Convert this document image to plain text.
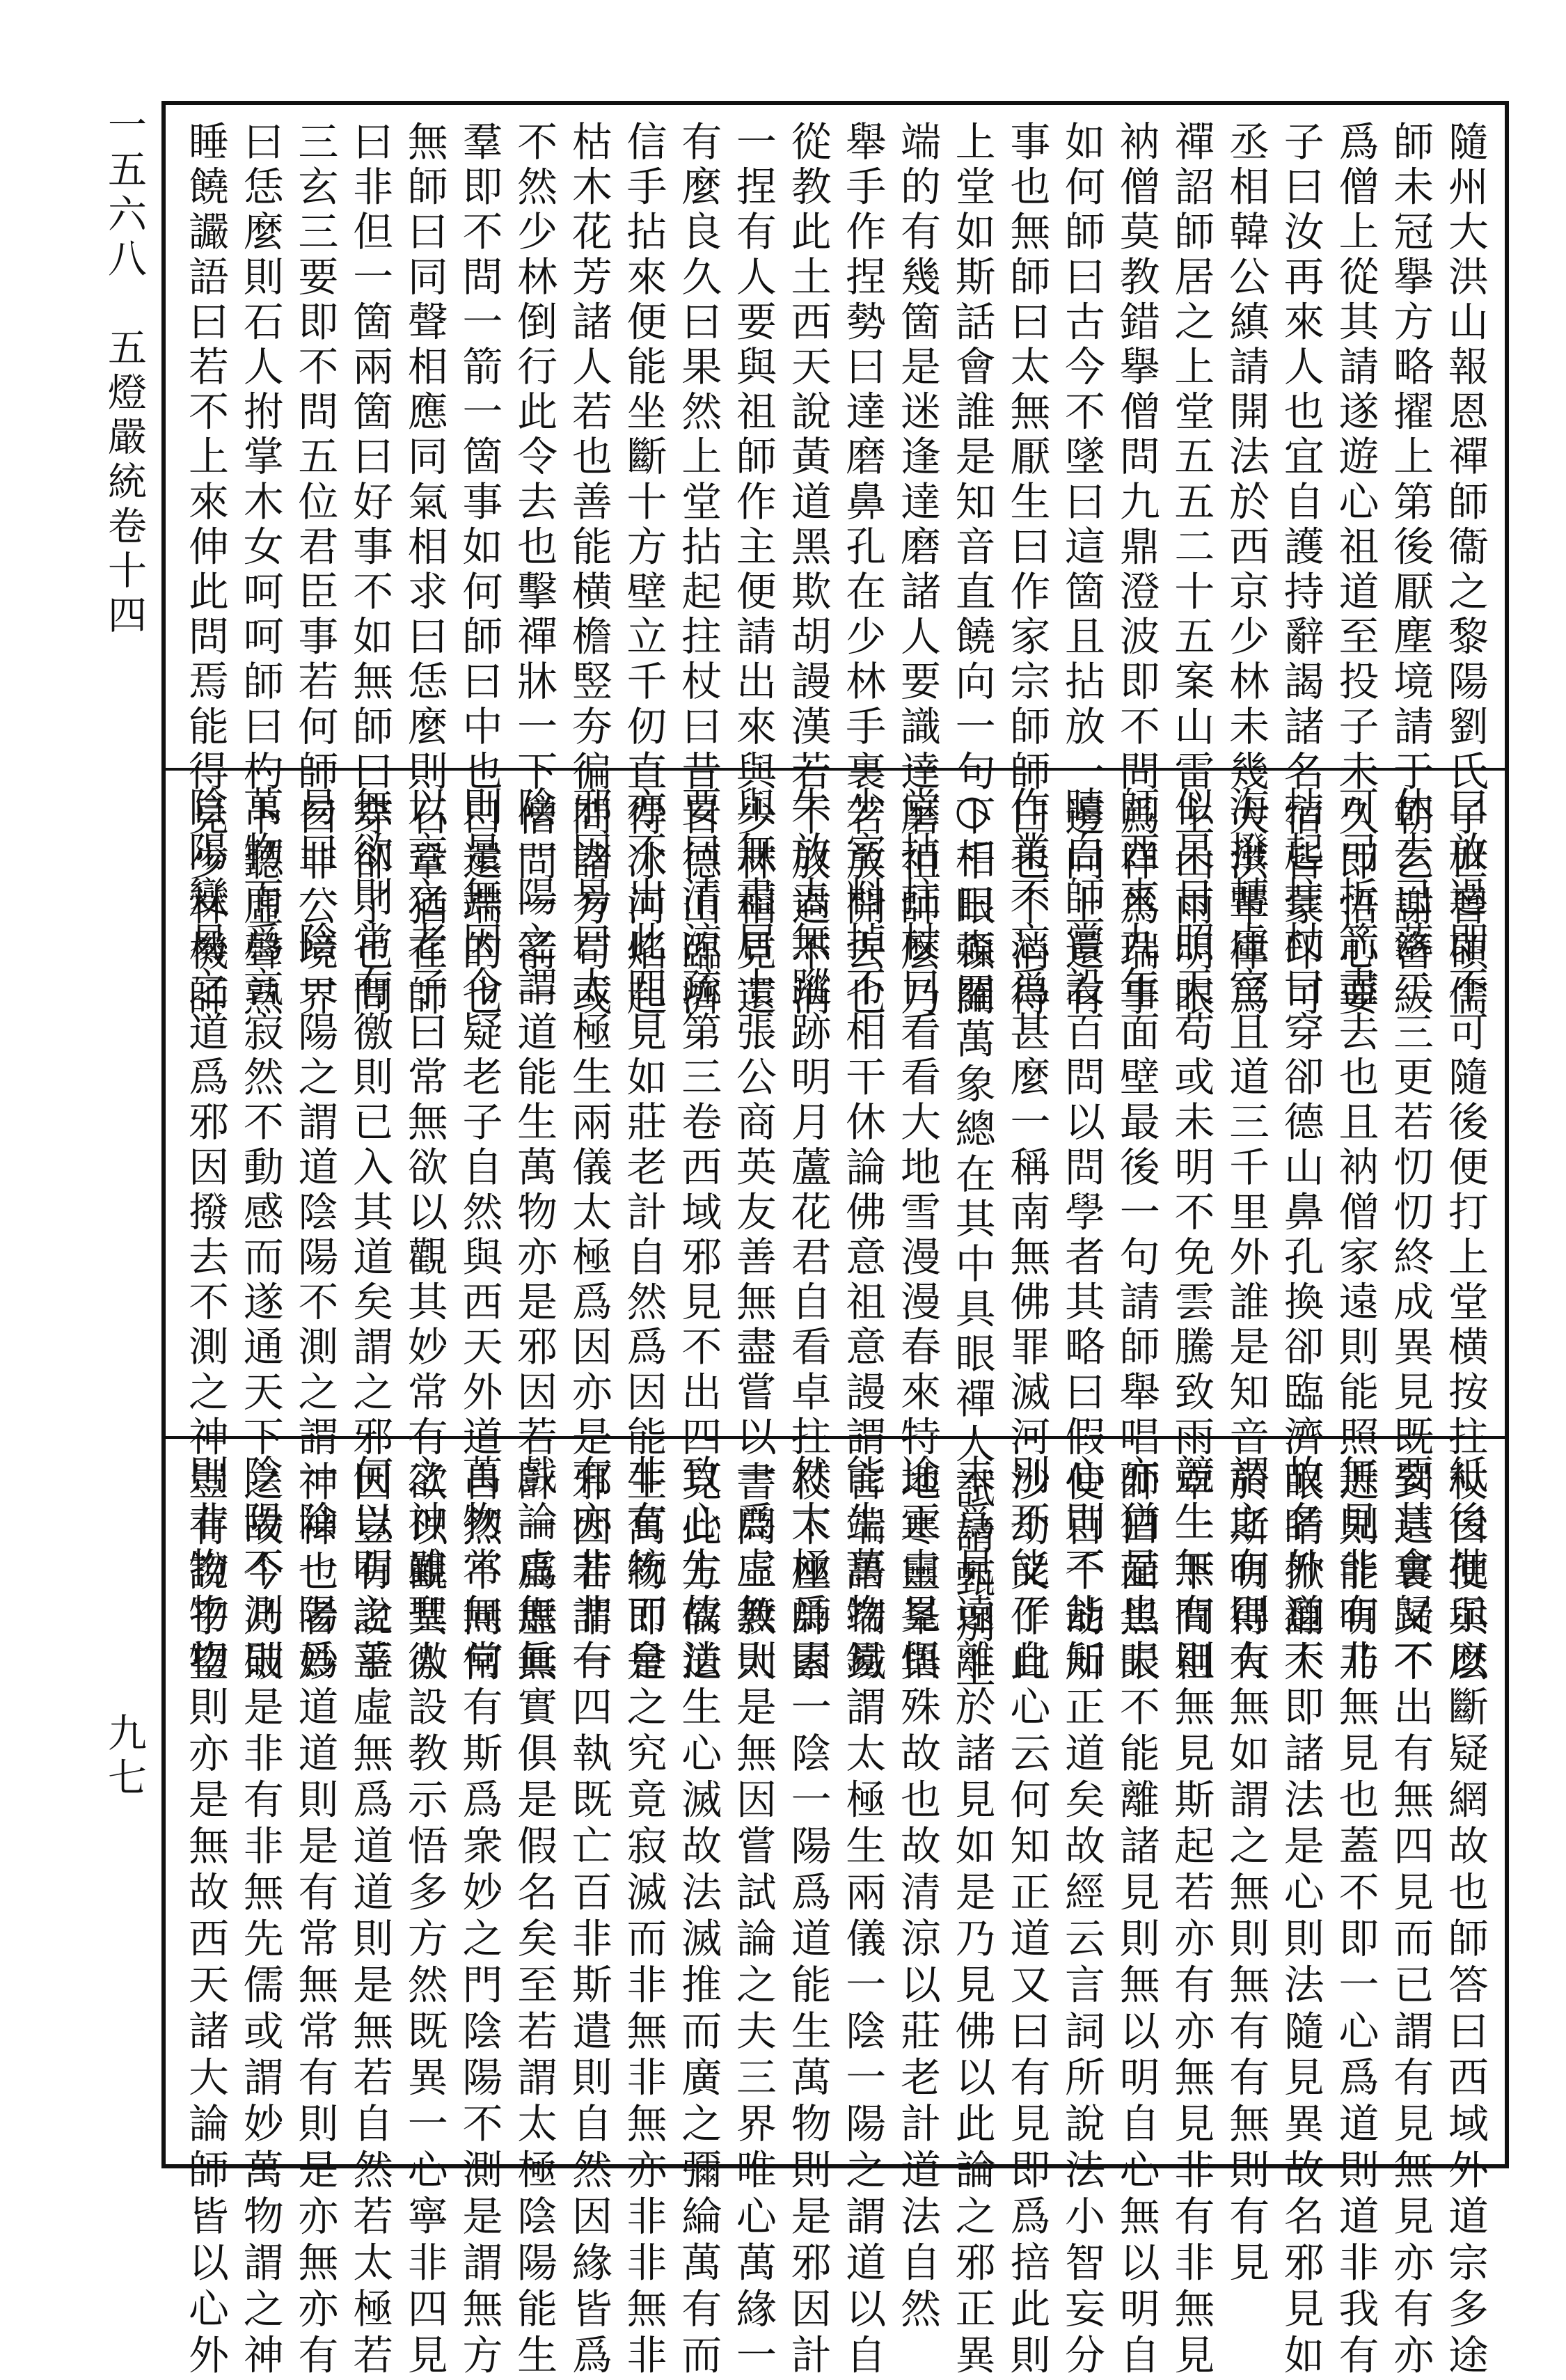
一五六八　五燈嚴統卷十四
九七
隨州大洪山報恩禪師衞之黎陽劉氏子世晉碩儒
師未冠擧方略擢上第後厭塵境請于朝乞謝簪紱
爲僧上從其請遂遊心祖道至投子未久即悟心要
子曰汝再來人也宜自護持辭謁諸名宿皆蒙印可
丞相韓公縝請開法於西京少林未幾大洪革律爲
禪詔師居之上堂五五二十五案山雷主山雨明眼
衲僧莫教錯擧僧問九鼎澄波即不問爲祥爲瑞事
如何師曰古今不墜曰這箇且拈放一邊向上還有
事也無師曰太無厭生曰作家宗師師曰也不消得
上堂如斯話會誰是知音直饒向一句下千眼頓開
端的有幾箇是迷逢達磨諸人要識達磨祖師麼乃
舉手作捏勢曰達磨鼻孔在少林手裏若放開去也
從教此土西天說黃道黑欺胡謾漢若不放過不消
一捏有人要與祖師作主便請出來與少林相見還
有麼良久曰果然上堂拈起拄杖曰昔日德山臨濟
信手拈來便能坐斷十方壁立千仞直得冰河焰起
枯木花芳諸人若也善能横檐竪夯徧問諸方苟或
不然少林倒行此令去也擊禪牀一下僧問一箭一
羣即不問一箭一箇事如何師曰中也曰還端的也
無師曰同聲相應同氣相求曰恁麼則石鞏猶在師
曰非但一箇兩箇曰好事不如無師曰穿卻了也問
三玄三要即不問五位君臣事若何師曰非公境界
曰恁麼則石人拊掌木女呵呵師曰杓卜聽虛聲熟
睡饒讝語曰若不上來伸此問焉能得見少林機師
曰放過即不可隨後便打上堂横按拄杖曰便與麼
休去已落二三更若忉忉終成異見既到這裏又不
可弓折箭盡去也且衲僧家遠則能照近則能明乃
拈起拄杖曰穿卻德山鼻孔換卻臨濟眼睛掀翻大
海撥轉虛空且道三千里外誰是知音於斯明得大
似杲日照天苟或未明不免雲騰致雨卓一下問祖
師西來九年面壁最後一句請師舉唱師曰面黑眼
睛白師嘗設百問以問學者其略曰假使百千劫所
作業不忘爲甚麼一稱南無佛罪滅河沙劫又作此
○相曰森羅萬象總在其中具眼禪人試請甄別上
堂拈拄杖曰看看大地雪漫漫春來特地寒靈峯與
少室料掉不相干休論佛意祖意謾謂言端語端鐵
牛放去無蹤跡明月蘆花君自看卓拄杖下座師素
與無盡居士張公商英友善無盡嘗以書問三教大
要曰清涼疏第三卷西域邪見不出四見此方儒道
亦不出此四見如莊老計自然爲因能生萬物即是
邪因易曰太極生兩儀太極爲因亦是邪因若謂一
陰一陽之謂道能生萬物亦是邪因若計一爲虛無
則是無因今疑老子自然與西天外道自然不同何
以言之老子曰常無欲以觀其妙常有欲以觀其徼
無欲則常有徼則已入其道矣謂之邪因豈有說乎
易曰一陰一陽之謂道陰陽不測之謂神神也者妙
萬物而爲言寂然不動感而遂通天下之故今乃破
陰陽變易之道爲邪因撥去不測之神豈有說乎望
紙後批示以斷疑網故也師答曰西域外道宗多途
要其會歸不出有無四見而已謂有見無見亦有亦
無見非有非無見也蓋不即一心爲道則道非我有
故名外道不即諸法是心則法隨見異故名邪見如
謂之有則有無如謂之無則無有有無則有見
競生無有則無見斯起若亦有亦無見非有非無見
亦猶是也夫不能離諸見則無以明自心無以明自
心則不能知正道矣故經云言詞所說法小智妄分
別不能了自心云何知正道又曰有見即爲掊此則
未爲見遠離於諸見如是乃見佛以此論之邪正異
途正由見悟殊故也故清涼以莊老計道法自然
能生萬物易謂太極生兩儀一陰一陽之謂道以自
然太極爲因一陰一陽爲道能生萬物則是邪因計
一爲虛無則是無因嘗試論之夫三界唯心萬緣一
致心生故法生心滅故法滅推而廣之彌綸萬有而
非有統而會之究竟寂滅而非無非無亦非非無非
有亦非非有四執既亡百非斯遣則自然因緣皆爲
戲論虛無眞實俱是假名矣至若謂太極陰陽能生
萬物常無常有斯爲衆妙之門陰陽不測是謂無方
之神雖聖人設教示悟多方然既異一心寧非四見
何以明之蓋虛無爲道道則是無若自然若太極若
一陰一陽爲道道則是有常無常有則是亦無亦有
陰陽不測則是非有非無先儒或謂妙萬物謂之神
則非物物物則亦是無故西天諸大論師皆以心外
